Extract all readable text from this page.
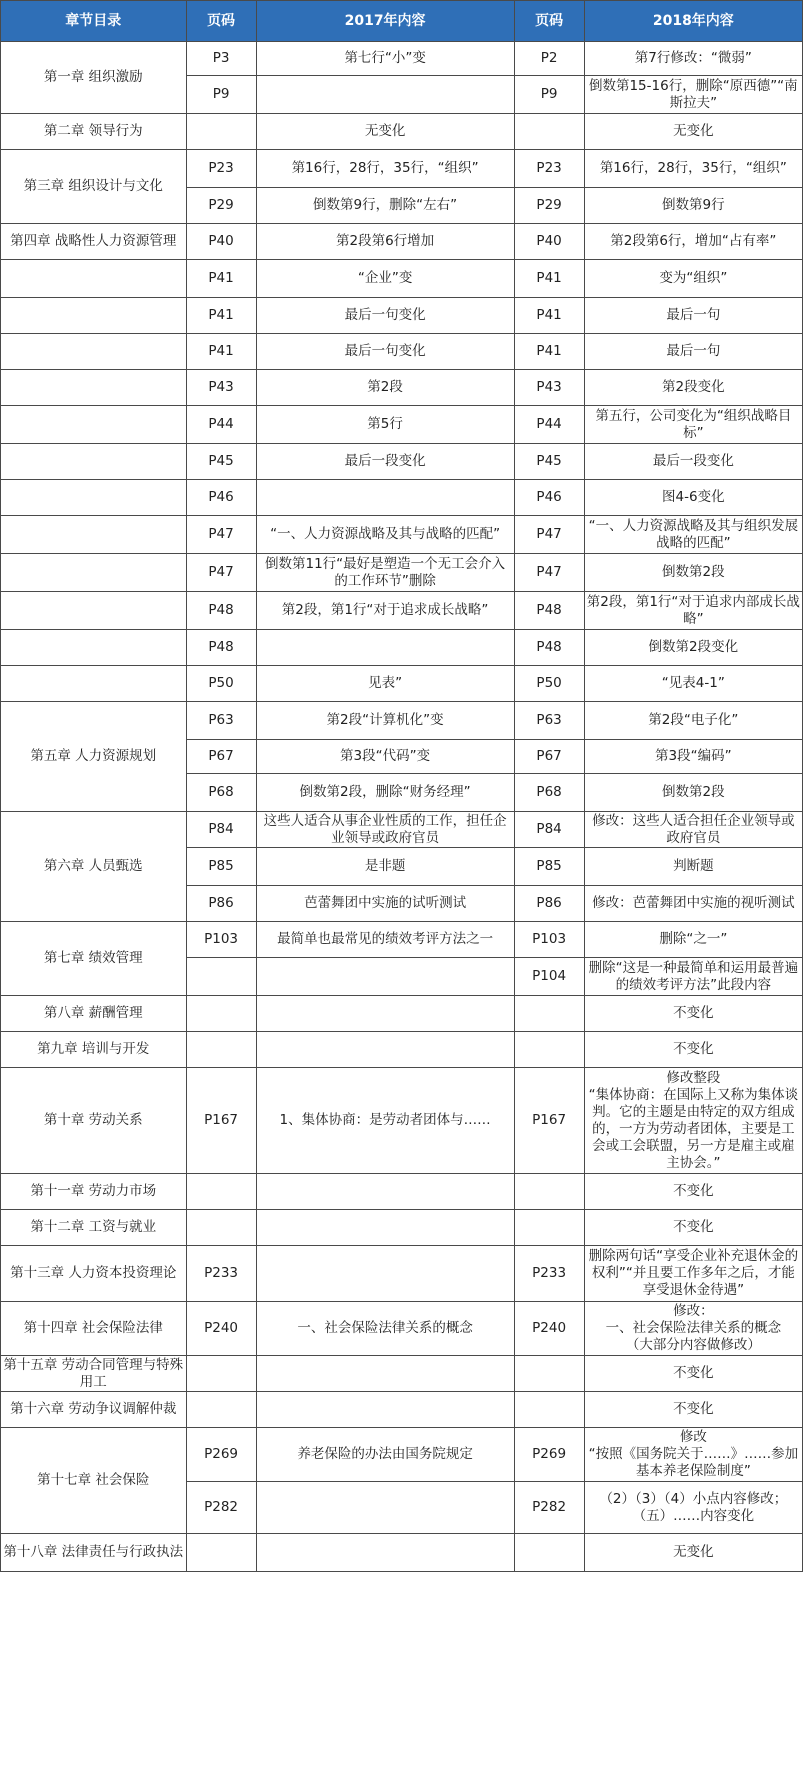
章节目录	页码	2017年内容	页码	2018年内容
第一章 组织激励	P3	第七行“小”变	P2	第7行修改：“微弱”
	P9		P9	倒数第15-16行，删除“原西德”“南斯拉夫”
第二章 领导行为		无变化		无变化
第三章 组织设计与文化	P23	第16行，28行，35行，“组织”	P23	第16行，28行，35行，“组织”
	P29	倒数第9行，删除“左右”	P29	倒数第9行
第四章 战略性人力资源管理	P40	第2段第6行增加	P40	第2段第6行，增加“占有率”
	P41	“企业”变	P41	变为“组织”
	P41	最后一句变化	P41	最后一句
	P41	最后一句变化	P41	最后一句
	P43	第2段	P43	第2段变化
	P44	第5行	P44	第五行，公司变化为“组织战略目标”
	P45	最后一段变化	P45	最后一段变化
	P46		P46	图4-6变化
	P47	“一、人力资源战略及其与战略的匹配”	P47	“一、人力资源战略及其与组织发展战略的匹配”
	P47	倒数第11行“最好是塑造一个无工会介入的工作环节”删除	P47	倒数第2段
	P48	第2段，第1行“对于追求成长战略”	P48	第2段，第1行“对于追求内部成长战略”
	P48		P48	倒数第2段变化
	P50	见表”	P50	“见表4-1”
第五章 人力资源规划	P63	第2段“计算机化”变	P63	第2段“电子化”
	P67	第3段“代码”变	P67	第3段“编码”
	P68	倒数第2段，删除“财务经理”	P68	倒数第2段
第六章 人员甄选	P84	这些人适合从事企业性质的工作，担任企业领导或政府官员	P84	修改：这些人适合担任企业领导或政府官员
	P85	是非题	P85	判断题
	P86	芭蕾舞团中实施的试听测试	P86	修改：芭蕾舞团中实施的视听测试
第七章 绩效管理	P103	最简单也最常见的绩效考评方法之一	P103	删除“之一”
			P104	删除“这是一种最简单和运用最普遍的绩效考评方法”此段内容
第八章 薪酬管理				不变化
第九章 培训与开发				不变化
第十章 劳动关系	P167	1、集体协商：是劳动者团体与……	P167	修改整段
“集体协商：在国际上又称为集体谈判。它的主题是由特定的双方组成的，一方为劳动者团体，主要是工会或工会联盟，另一方是雇主或雇主协会。”
第十一章 劳动力市场				不变化
第十二章 工资与就业				不变化
第十三章 人力资本投资理论	P233		P233	删除两句话“享受企业补充退休金的权利”“并且要工作多年之后，才能享受退休金待遇”
第十四章 社会保险法律	P240	一、社会保险法律关系的概念	P240	修改：
一、社会保险法律关系的概念
（大部分内容做修改）
第十五章 劳动合同管理与特殊用工				不变化
第十六章 劳动争议调解仲裁				不变化
第十七章 社会保险	P269	养老保险的办法由国务院规定	P269	修改
“按照《国务院关于……》……参加基本养老保险制度”
	P282		P282	（2）（3）（4）小点内容修改；
（五）……内容变化
第十八章 法律责任与行政执法				无变化
